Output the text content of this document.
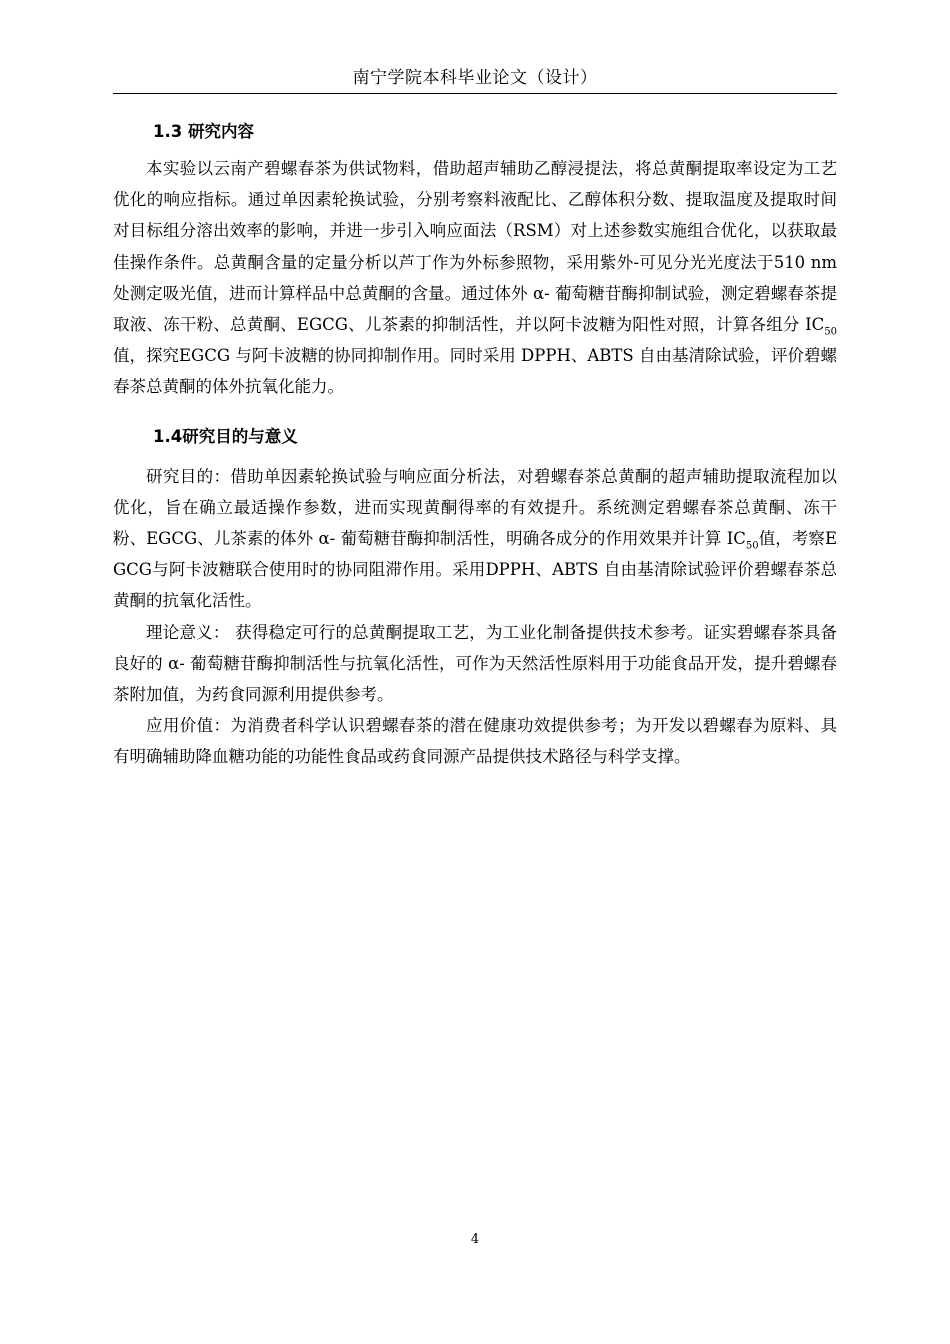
南宁学院本科毕业论文（设计）
1.3 研究内容

本实验以云南产碧螺春茶为供试物料，借助超声辅助乙醇浸提法，将总黄酮提取率设定为工艺优化的响应指标。通过单因素轮换试验，分别考察料液配比、乙醇体积分数、提取温度及提取时间对目标组分溶出效率的影响，并进一步引入响应面法（RSM）对上述参数实施组合优化，以获取最佳操作条件。总黄酮含量的定量分析以芦丁作为外标参照物，采用紫外-可见分光光度法于510 nm处测定吸光值，进而计算样品中总黄酮的含量。通过体外 α- 葡萄糖苷酶抑制试验，测定碧螺春茶提取液、冻干粉、总黄酮、EGCG、儿茶素的抑制活性，并以阿卡波糖为阳性对照，计算各组分 $IC_{50}$ 值，探究EGCG 与阿卡波糖的协同抑制作用。同时采用 DPPH、ABTS 自由基清除试验，评价碧螺春茶总黄酮的体外抗氧化能力。

1.4研究目的与意义

研究目的：借助单因素轮换试验与响应面分析法，对碧螺春茶总黄酮的超声辅助提取流程加以优化，旨在确立最适操作参数，进而实现黄酮得率的有效提升。系统测定碧螺春茶总黄酮、冻干粉、EGCG、儿茶素的体外 α- 葡萄糖苷酶抑制活性，明确各成分的作用效果并计算 $IC_{50}$值，考察EGCG与阿卡波糖联合使用时的协同阻滞作用。采用DPPH、ABTS 自由基清除试验评价碧螺春茶总黄酮的抗氧化活性。

理论意义： 获得稳定可行的总黄酮提取工艺，为工业化制备提供技术参考。证实碧螺春茶具备良好的 α- 葡萄糖苷酶抑制活性与抗氧化活性，可作为天然活性原料用于功能食品开发，提升碧螺春茶附加值，为药食同源利用提供参考。

应用价值：为消费者科学认识碧螺春茶的潜在健康功效提供参考；为开发以碧螺春为原料、具有明确辅助降血糖功能的功能性食品或药食同源产品提供技术路径与科学支撑。

4
